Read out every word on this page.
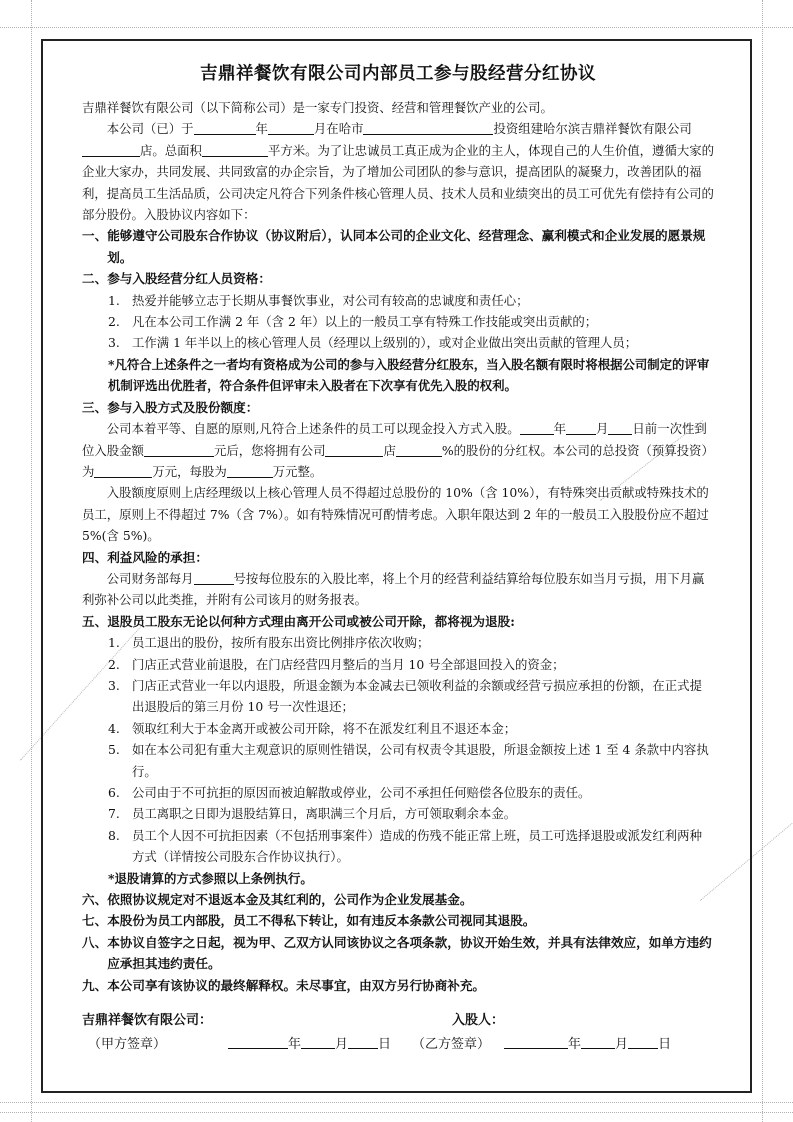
吉鼎祥餐饮有限公司内部员工参与股经营分红协议

吉鼎祥餐饮有限公司（以下简称公司）是一家专门投资、经营和管理餐饮产业的公司。

本公司（已）于	年	月在哈市	投资组建哈尔滨吉鼎祥餐饮有限公司店。总面积	平方米。为了让忠诚员工真正成为企业的主人，体现自己的人生价值，遵循大家的企业大家办，共同发展、共同致富的办企宗旨，为了增加公司团队的参与意识，提高团队的凝聚力，改善团队的福利，提高员工生活品质，公司决定凡符合下列条件核心管理人员、技术人员和业绩突出的员工可优先有偿持有公司的部分股份。入股协议内容如下：

一、能够遵守公司股东合作协议（协议附后），认同本公司的企业文化、经营理念、赢利模式和企业发展的愿景规划。

二、参与入股经营分红人员资格：

1. 热爱并能够立志于长期从事餐饮事业，对公司有较高的忠诚度和责任心；
2. 凡在本公司工作满 2 年（含 2 年）以上的一般员工享有特殊工作技能或突出贡献的；
3. 工作满 1 年半以上的核心管理人员（经理以上级别的），或对企业做出突出贡献的管理人员；

*凡符合上述条件之一者均有资格成为公司的参与入股经营分红股东，当入股名额有限时将根据公司制定的评审机制评选出优胜者，符合条件但评审未入股者在下次享有优先入股的权利。

三、参与入股方式及股份额度：

公司本着平等、自愿的原则,凡符合上述条件的员工可以现金投入方式入股。	年 月 日前一次性到位入股金额	元后，您将拥有公司	店	%的股份的分红权。本公司的总投资（预算投资）为	万元，每股为	万元整。

入股额度原则上店经理级以上核心管理人员不得超过总股份的 10%（含 10%），有特殊突出贡献或特殊技术的员工，原则上不得超过 7%（含 7%）。如有特殊情况可酌情考虑。入职年限达到 2 年的一般员工入股股份应不超过 5%(含 5%)。

四、利益风险的承担：

公司财务部每月	号按每位股东的入股比率，将上个月的经营利益结算给每位股东如当月亏损，用下月赢利弥补公司以此类推，并附有公司该月的财务报表。

五、退股员工股东无论以何种方式理由离开公司或被公司开除，都将视为退股:

1. 员工退出的股份，按所有股东出资比例排序依次收购；
2. 门店正式营业前退股，在门店经营四月整后的当月 10 号全部退回投入的资金；
3. 门店正式营业一年以内退股，所退金额为本金减去已领收利益的余额或经营亏损应承担的份额，在正式提出退股后的第三月份 10 号一次性退还；
4. 领取红利大于本金离开或被公司开除，将不在派发红利且不退还本金；
5. 如在本公司犯有重大主观意识的原则性错误，公司有权责令其退股，所退金额按上述 1 至 4 条款中内容执行。
6. 公司由于不可抗拒的原因而被迫解散或停业，公司不承担任何赔偿各位股东的责任。
7. 员工离职之日即为退股结算日，离职满三个月后，方可领取剩余本金。
8. 员工个人因不可抗拒因素（不包括刑事案件）造成的伤残不能正常上班，员工可选择退股或派发红利两种方式（详情按公司股东合作协议执行）。

*退股请算的方式参照以上条例执行。

六、依照协议规定对不退返本金及其红利的，公司作为企业发展基金。

七、本股份为员工内部股，员工不得私下转让，如有违反本条款公司视同其退股。

八、本协议自签字之日起，视为甲、乙双方认同该协议之各项条款，协议开始生效，并具有法律效应，如单方违约应承担其违约责任。

九、本公司享有该协议的最终解释权。未尽事宜，由双方另行协商补充。

吉鼎祥餐饮有限公司：	入股人：
（甲方签章）	年	月 日	（乙方签章）	年	月 日
